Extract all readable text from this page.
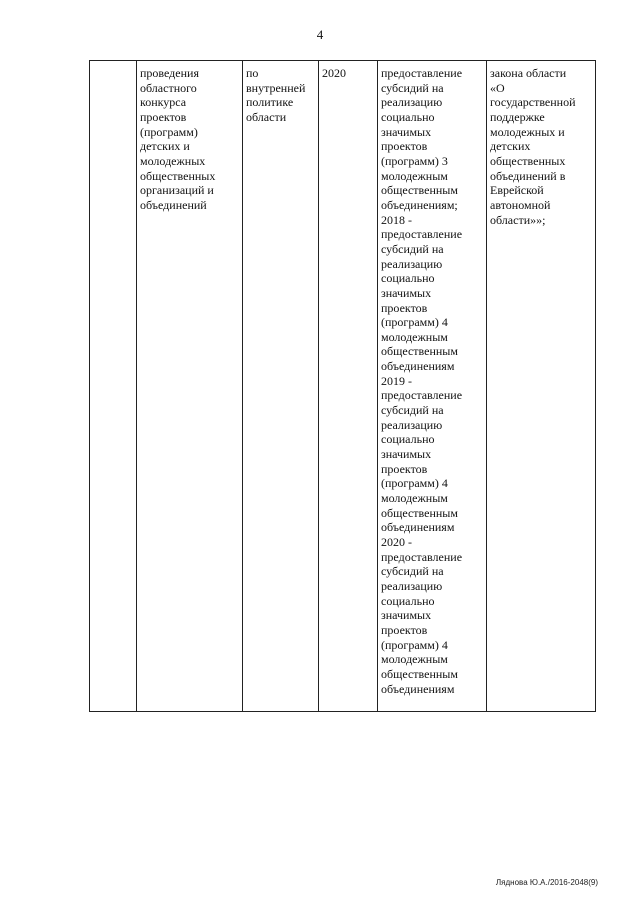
4
	проведения
областного
конкурса
проектов
(программ)
детских и
молодежных
общественных
организаций и
объединений	по
внутренней
политике
области	2020	предоставление
субсидий на
реализацию
социально
значимых
проектов
(программ) 3
молодежным
общественным
объединениям;
2018 -
предоставление
субсидий на
реализацию
социально
значимых
проектов
(программ) 4
молодежным
общественным
объединениям
2019 -
предоставление
субсидий на
реализацию
социально
значимых
проектов
(программ) 4
молодежным
общественным
объединениям
2020 -
предоставление
субсидий на
реализацию
социально
значимых
проектов
(программ) 4
молодежным
общественным
объединениям	закона области
«О
государственной
поддержке
молодежных и
детских
общественных
объединений в
Еврейской
автономной
области»»;
Ляднова Ю.А./2016-2048(9)
